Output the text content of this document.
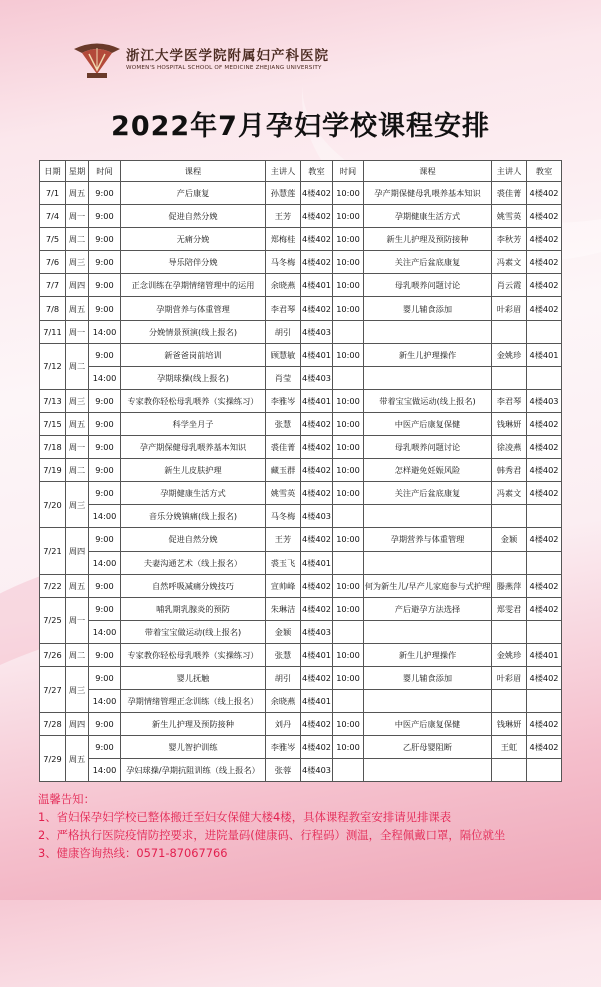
浙江大学医学院附属妇产科医院
WOMEN'S HOSPITAL SCHOOL OF MEDICINE ZHEJIANG UNIVERSITY
2022年7月孕妇学校课程安排
日期	星期	时间	课程	主讲人	教室	时间	课程	主讲人	教室
7/1	周五	9:00	产后康复	孙慧莲	4楼402	10:00	孕产期保健母乳喂养基本知识	裘佳菁	4楼402
7/4	周一	9:00	促进自然分娩	王芳	4楼402	10:00	孕期健康生活方式	姚雪英	4楼402
7/5	周二	9:00	无痛分娩	郑梅桂	4楼402	10:00	新生儿护理及预防接种	李秋芳	4楼402
7/6	周三	9:00	导乐陪伴分娩	马冬梅	4楼402	10:00	关注产后盆底康复	冯素文	4楼402
7/7	周四	9:00	正念训练在孕期情绪管理中的运用	余晓燕	4楼401	10:00	母乳喂养问题讨论	肖云霞	4楼402
7/8	周五	9:00	孕期营养与体重管理	李君琴	4楼402	10:00	婴儿辅食添加	叶彩眉	4楼402
7/11	周一	14:00	分娩情景预演(线上报名)	胡引	4楼403				
7/12	周二	9:00	新爸爸岗前培训	顾慧敏	4楼401	10:00	新生儿护理操作	金姚珍	4楼401
		14:00	孕期球操(线上报名)	肖莹	4楼403				
7/13	周三	9:00	专家教你轻松母乳喂养（实操练习）	李雅岑	4楼401	10:00	带着宝宝做运动(线上报名)	李君琴	4楼403
7/15	周五	9:00	科学坐月子	张慧	4楼402	10:00	中医产后康复保健	钱琳妍	4楼402
7/18	周一	9:00	孕产期保健母乳喂养基本知识	裘佳菁	4楼402	10:00	母乳喂养问题讨论	徐凌燕	4楼402
7/19	周二	9:00	新生儿皮肤护理	藏玉群	4楼402	10:00	怎样避免妊娠风险	韩秀君	4楼402
7/20	周三	9:00	孕期健康生活方式	姚雪英	4楼402	10:00	关注产后盆底康复	冯素文	4楼402
		14:00	音乐分娩镇痛(线上报名)	马冬梅	4楼403				
7/21	周四	9:00	促进自然分娩	王芳	4楼402	10:00	孕期营养与体重管理	金颖	4楼402
		14:00	夫妻沟通艺术（线上报名）	裘玉飞	4楼401				
7/22	周五	9:00	自然呼吸减痛分娩技巧	宣帅峰	4楼402	10:00	何为新生儿/早产儿家庭参与式护理	滕燕萍	4楼402
7/25	周一	9:00	哺乳期乳腺炎的预防	朱琳洁	4楼402	10:00	产后避孕方法选择	郑雯君	4楼402
		14:00	带着宝宝做运动(线上报名)	金颖	4楼403				
7/26	周二	9:00	专家教你轻松母乳喂养（实操练习）	张慧	4楼401	10:00	新生儿护理操作	金姚珍	4楼401
7/27	周三	9:00	婴儿抚触	胡引	4楼402	10:00	婴儿辅食添加	叶彩眉	4楼402
		14:00	孕期情绪管理正念训练（线上报名）	余晓燕	4楼401				
7/28	周四	9:00	新生儿护理及预防接种	刘丹	4楼402	10:00	中医产后康复保健	钱琳妍	4楼402
7/29	周五	9:00	婴儿智护训练	李雅岑	4楼402	10:00	乙肝母婴阻断	王虹	4楼402
		14:00	孕妇球操/孕期抗阻训练（线上报名）	张蓉	4楼403				
温馨告知：
1、省妇保孕妇学校已整体搬迁至妇女保健大楼4楼，具体课程教室安排请见排课表
2、严格执行医院疫情防控要求，进院量码(健康码、行程码）测温，全程佩戴口罩，隔位就坐
3、健康咨询热线：0571-87067766
